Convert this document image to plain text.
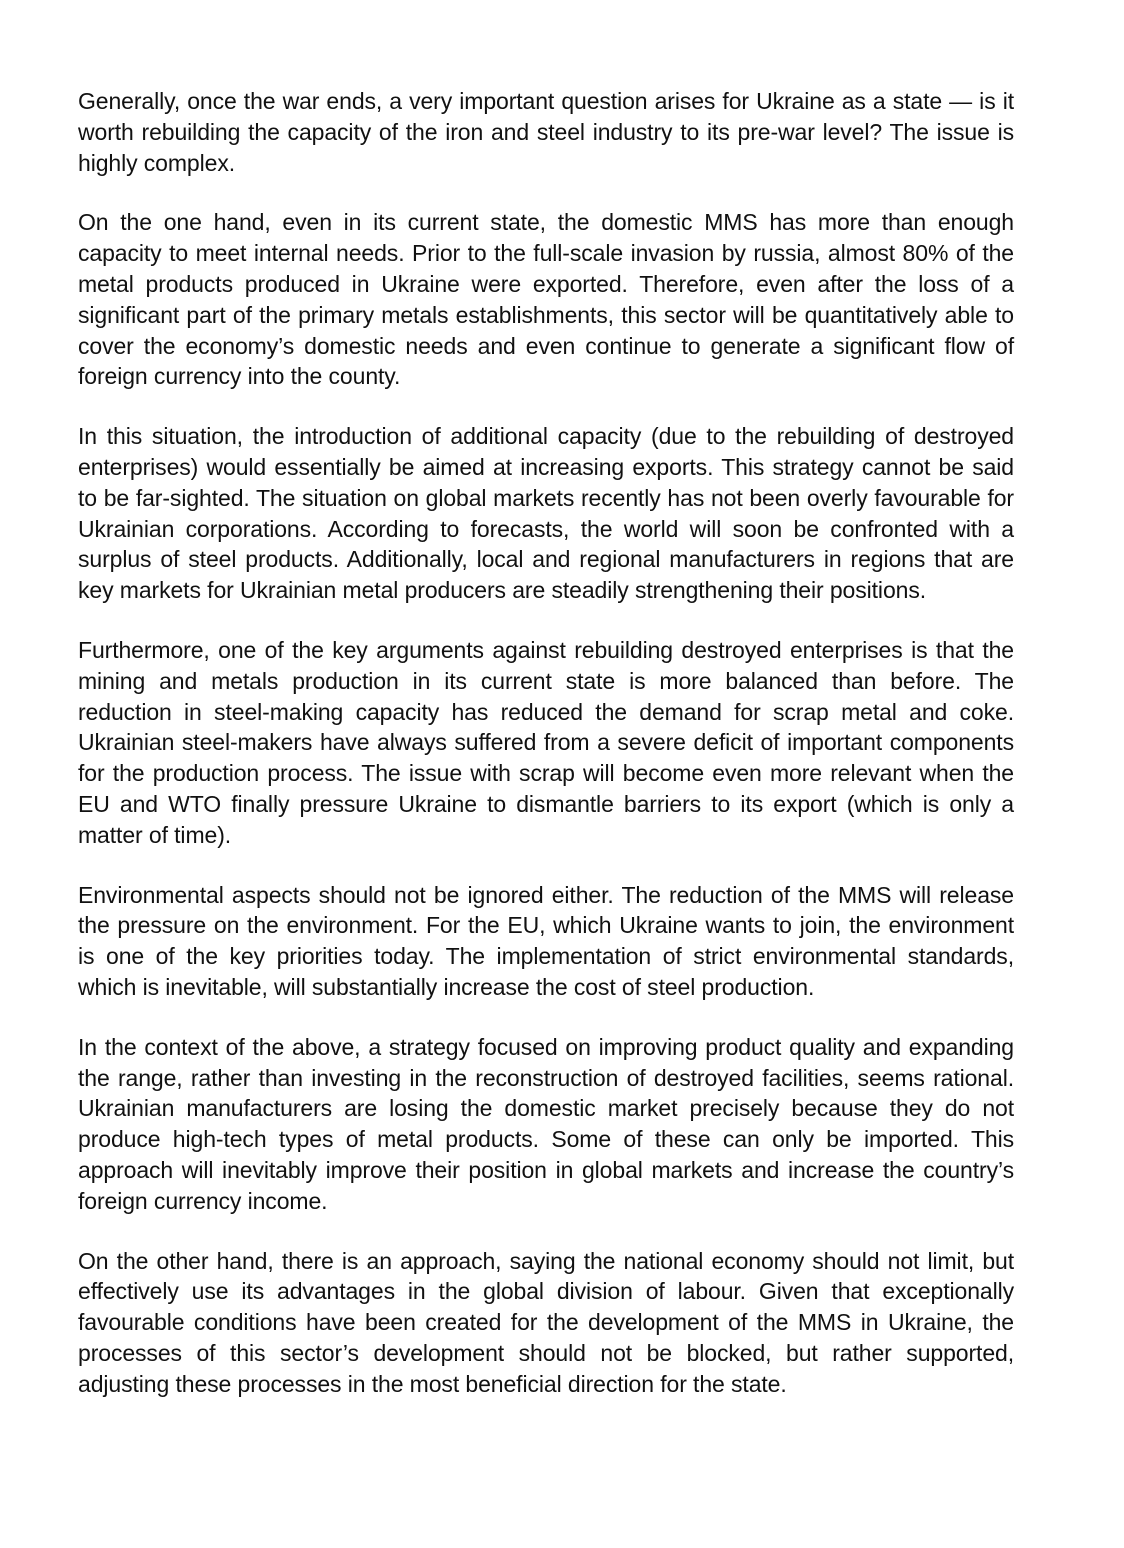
Generally, once the war ends, a very important question arises for Ukraine as a state — is it worth rebuilding the capacity of the iron and steel industry to its pre-war level? The issue is highly complex.

On the one hand, even in its current state, the domestic MMS has more than enough capacity to meet internal needs. Prior to the full-scale invasion by russia, almost 80% of the metal products produced in Ukraine were exported. Therefore, even after the loss of a significant part of the primary metals establishments, this sector will be quantitatively able to cover the economy’s domestic needs and even continue to generate a significant flow of foreign currency into the county.

In this situation, the introduction of additional capacity (due to the rebuilding of destroyed enterprises) would essentially be aimed at increasing exports. This strategy cannot be said to be far-sighted. The situation on global markets recently has not been overly favourable for Ukrainian corporations. According to forecasts, the world will soon be confronted with a surplus of steel products. Additionally, local and regional manufacturers in regions that are key markets for Ukrainian metal producers are steadily strengthening their positions.

Furthermore, one of the key arguments against rebuilding destroyed enterprises is that the mining and metals production in its current state is more balanced than before. The reduction in steel-making capacity has reduced the demand for scrap metal and coke. Ukrainian steel-makers have always suffered from a severe deficit of important components for the production process. The issue with scrap will become even more relevant when the EU and WTO finally pressure Ukraine to dismantle barriers to its export (which is only a matter of time).

Environmental aspects should not be ignored either. The reduction of the MMS will release the pressure on the environment. For the EU, which Ukraine wants to join, the environment is one of the key priorities today. The implementation of strict environmental standards, which is inevitable, will substantially increase the cost of steel production.

In the context of the above, a strategy focused on improving product quality and expanding the range, rather than investing in the reconstruction of destroyed facilities, seems rational. Ukrainian manufacturers are losing the domestic market precisely because they do not produce high-tech types of metal products. Some of these can only be imported. This approach will inevitably improve their position in global markets and increase the country’s foreign currency income.

On the other hand, there is an approach, saying the national economy should not limit, but effectively use its advantages in the global division of labour. Given that exceptionally favourable conditions have been created for the development of the MMS in Ukraine, the processes of this sector’s development should not be blocked, but rather supported, adjusting these processes in the most beneficial direction for the state.
